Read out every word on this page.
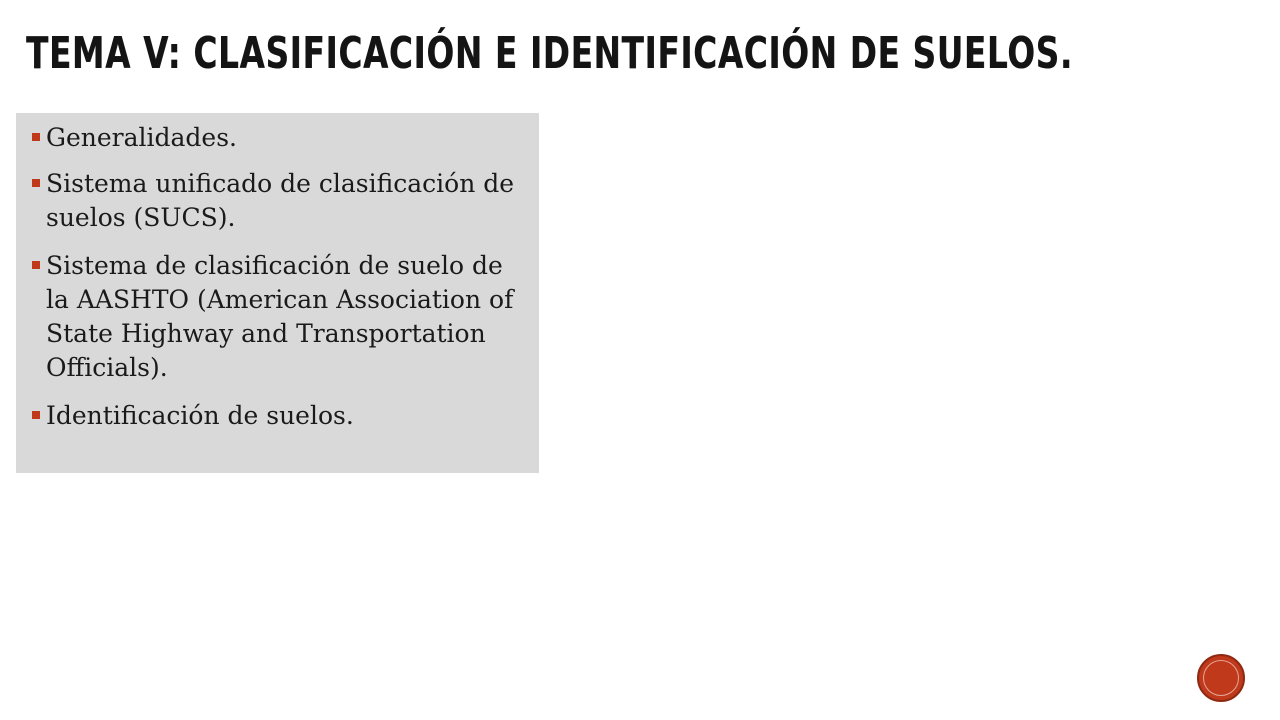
TEMA V: CLASIFICACIÓN E IDENTIFICACIÓN DE SUELOS.
Generalidades.
Sistema unificado de clasificación de suelos (SUCS).
Sistema de clasificación de suelo de la AASHTO (American Association of State Highway and Transportation Officials).
Identificación de suelos.
